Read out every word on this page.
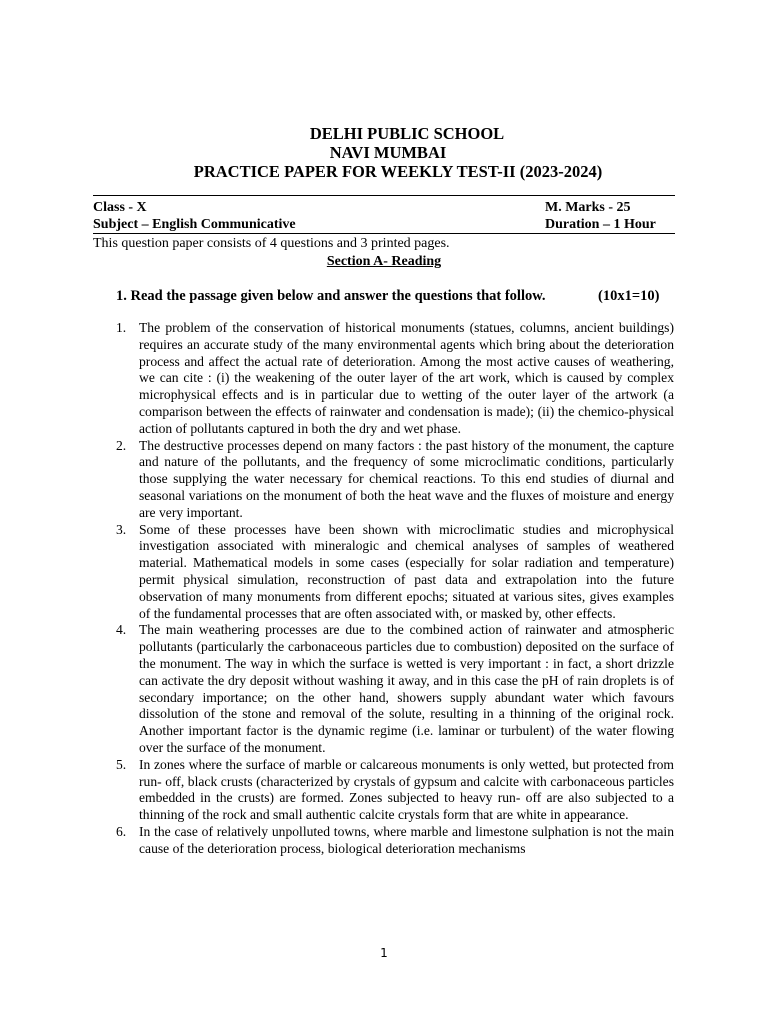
DELHI PUBLIC SCHOOL
NAVI MUMBAI
PRACTICE PAPER FOR WEEKLY TEST-II (2023-2024)
Class - X
Subject – English Communicative
M. Marks - 25
Duration – 1 Hour
This question paper consists of 4 questions and 3 printed pages.
Section A- Reading
1. Read the passage given below and answer the questions that follow.	(10x1=10)
1. The problem of the conservation of historical monuments (statues, columns, ancient buildings) requires an accurate study of the many environmental agents which bring about the deterioration process and affect the actual rate of deterioration. Among the most active causes of weathering, we can cite : (i) the weakening of the outer layer of the art work, which is caused by complex microphysical effects and is in particular due to wetting of the outer layer of the artwork (a comparison between the effects of rainwater and condensation is made); (ii) the chemico-physical action of pollutants captured in both the dry and wet phase.
2. The destructive processes depend on many factors : the past history of the monument, the capture and nature of the pollutants, and the frequency of some microclimatic conditions, particularly those supplying the water necessary for chemical reactions. To this end studies of diurnal and seasonal variations on the monument of both the heat wave and the fluxes of moisture and energy are very important.
3. Some of these processes have been shown with microclimatic studies and microphysical investigation associated with mineralogic and chemical analyses of samples of weathered material. Mathematical models in some cases (especially for solar radiation and temperature) permit physical simulation, reconstruction of past data and extrapolation into the future observation of many monuments from different epochs; situated at various sites, gives examples of the fundamental processes that are often associated with, or masked by, other effects.
4. The main weathering processes are due to the combined action of rainwater and atmospheric pollutants (particularly the carbonaceous particles due to combustion) deposited on the surface of the monument. The way in which the surface is wetted is very important : in fact, a short drizzle can activate the dry deposit without washing it away, and in this case the pH of rain droplets is of secondary importance; on the other hand, showers supply abundant water which favours dissolution of the stone and removal of the solute, resulting in a thinning of the original rock. Another important factor is the dynamic regime (i.e. laminar or turbulent) of the water flowing over the surface of the monument.
5. In zones where the surface of marble or calcareous monuments is only wetted, but protected from run- off, black crusts (characterized by crystals of gypsum and calcite with carbonaceous particles embedded in the crusts) are formed. Zones subjected to heavy run- off are also subjected to a thinning of the rock and small authentic calcite crystals form that are white in appearance.
6. In the case of relatively unpolluted towns, where marble and limestone sulphation is not the main cause of the deterioration process, biological deterioration mechanisms
1
